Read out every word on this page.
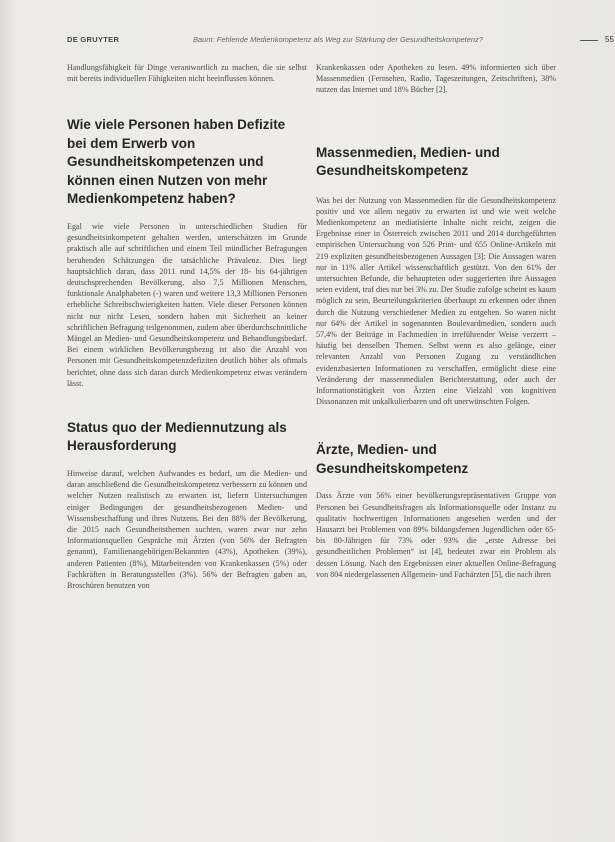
DE GRUYTER	Baum: Fehlende Medienkompetenz als Weg zur Stärkung der Gesundheitskompetenz?	55

Handlungsfähigkeit für Dinge verantwortlich zu machen, die sie selbst mit bereits individuellen Fähigkeiten nicht beeinflussen können.

Wie viele Personen haben Defizite bei dem Erwerb von Gesundheitskompetenzen und können einen Nutzen von mehr Medienkompetenz haben?

Egal wie viele Personen in unterschiedlichen Studien für gesundheitsinkompetent gehalten werden, unterschätzen im Grunde praktisch alle auf schriftlichen und einem Teil mündlicher Befragungen beruhenden Schätzungen die tatsächliche Prävalenz. Dies liegt hauptsächlich daran, dass 2011 rund 14,5% der 18- bis 64-jährigen deutschsprechenden Bevölkerung, also 7,5 Millionen Menschen, funktionale Analphabeten (-) waren und weitere 13,3 Millionen Personen erhebliche Schreibschwierigkeiten hatten. Viele dieser Personen können nicht nur nicht Lesen, sondern haben mit Sicherheit an keiner schriftlichen Befragung teilgenommen, zudem aber überdurchschnittliche Mängel an Medien- und Gesundheitskompetenz und Behandlungsbedarf. Bei einem wirklichen Bevölkerungsbezug ist also die Anzahl von Personen mit Gesundheitskompetenzdefiziten deutlich höher als oftmals berichtet, ohne dass sich daran durch Medienkompetenz etwas verändern lässt.

Status quo der Mediennutzung als Herausforderung

Hinweise darauf, welchen Aufwandes es bedarf, um die Medien- und daran anschließend die Gesundheitskompetenz verbessern zu können und welcher Nutzen realistisch zu erwarten ist, liefern Untersuchungen einiger Bedingungen der gesundheitsbezogenen Medien- und Wissensbeschaffung und ihres Nutzens. Bei den 88% der Bevölkerung, die 2015 nach Gesundheitsthemen suchten, waren zwar nur zehn Informationsquellen Gespräche mit Ärzten (von 56% der Befragten genannt), Familienangehörigen/Bekannten (43%), Apotheken (39%), anderen Patienten (8%), Mitarbeitenden von Krankenkassen (5%) oder Fachkräften in Beratungsstellen (3%). 56% der Befragten gaben an, Broschüren benutzen von

Krankenkassen oder Apotheken zu lesen. 49% informierten sich über Massenmedien (Fernsehen, Radio, Tageszeitungen, Zeitschriften), 38% nutzen das Internet und 18% Bücher [2].

Massenmedien, Medien- und Gesundheitskompetenz

Was bei der Nutzung von Massenmedien für die Gesundheitskompetenz positiv und vor allem negativ zu erwarten ist und wie weit welche Medienkompetenz an mediatisierte Inhalte nicht reicht, zeigen die Ergebnisse einer in Österreich zwischen 2011 und 2014 durchgeführten empirischen Untersuchung von 526 Print- und 655 Online-Artikeln mit 219 expliziten gesundheitsbezogenen Aussagen [3]: Die Aussagen waren nur in 11% aller Artikel wissenschaftlich gestützt. Von den 61% der untersuchten Befunde, die behaupteten oder suggerierten ihre Aussagen seien evident, traf dies nur bei 3% zu. Der Studie zufolge scheint es kaum möglich zu sein, Beurteilungskriterien überhaupt zu erkennen oder ihnen durch die Nutzung verschiedener Medien zu entgehen. So waren nicht nur 64% der Artikel in sogenannten Boulevardmedien, sondern auch 57,4% der Beiträge in Fachmedien in irreführender Weise verzerrt – häufig bei denselben Themen. Selbst wenn es also gelänge, einer relevanten Anzahl von Personen Zugang zu verständlichen evidenzbasierten Informationen zu verschaffen, ermöglicht diese eine Veränderung der massenmedialen Berichterstattung, oder auch der Informationstätigkeit von Ärzten eine Vielzahl von kognitiven Dissonanzen mit unkalkulierbaren und oft unerwünschten Folgen.

Ärzte, Medien- und Gesundheitskompetenz

Dass Ärzte von 56% einer bevölkerungsrepräsentativen Gruppe von Personen bei Gesundheitsfragen als Informationsquelle oder Instanz zu qualitativ hochwertigen Informationen angesehen werden und der Hausarzt bei Problemen von 89% bildungsfernen Jugendlichen oder 65- bis 80-Jährigen für 73% oder 93% die „erste Adresse bei gesundheitlichen Problemen“ ist [4], bedeutet zwar ein Problem als dessen Lösung. Nach den Ergebnissen einer aktuellen Online-Befragung von 804 niedergelassenen Allgemein- und Fachärzten [5], die nach ihren
